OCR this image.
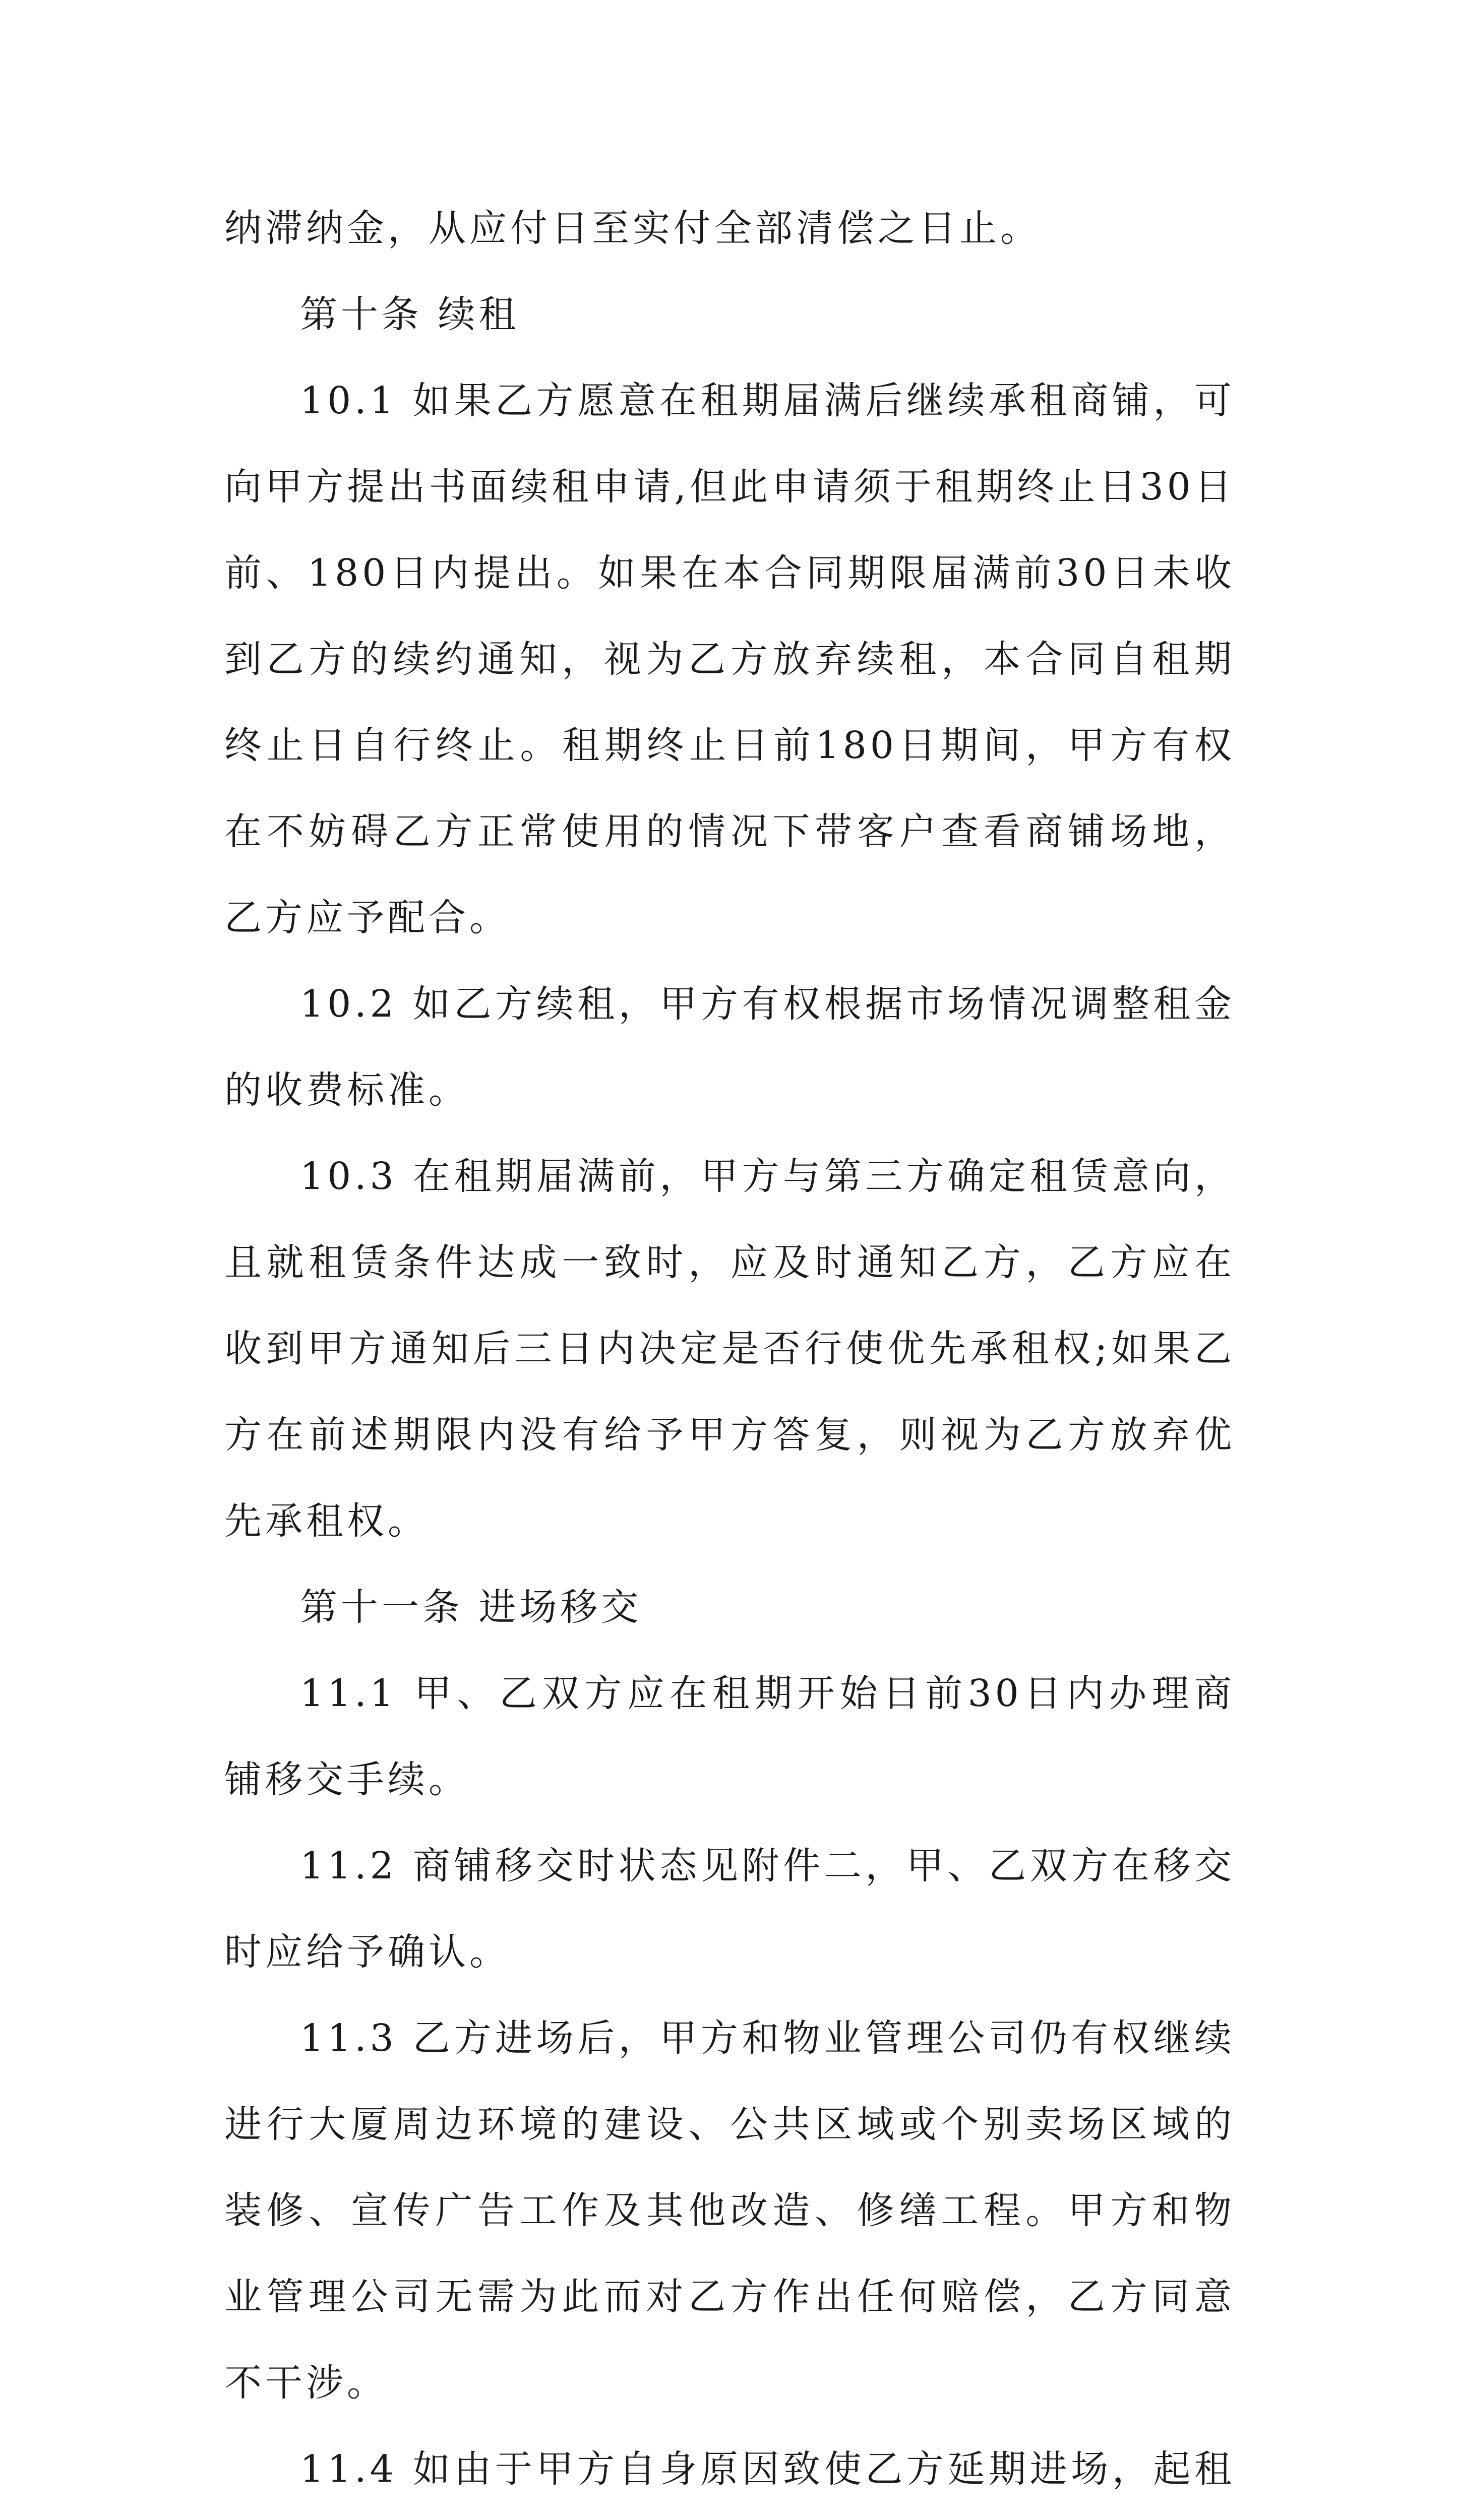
纳滞纳金，从应付日至实付全部清偿之日止。

第十条 续租

10.1 如果乙方愿意在租期届满后继续承租商铺，可向甲方提出书面续租申请,但此申请须于租期终止日30日前、180日内提出。如果在本合同期限届满前30日未收到乙方的续约通知，视为乙方放弃续租，本合同自租期终止日自行终止。租期终止日前180日期间，甲方有权在不妨碍乙方正常使用的情况下带客户查看商铺场地，乙方应予配合。

10.2 如乙方续租，甲方有权根据市场情况调整租金的收费标准。

10.3 在租期届满前，甲方与第三方确定租赁意向，且就租赁条件达成一致时，应及时通知乙方，乙方应在收到甲方通知后三日内决定是否行使优先承租权;如果乙方在前述期限内没有给予甲方答复，则视为乙方放弃优先承租权。

第十一条 进场移交

11.1 甲、乙双方应在租期开始日前30日内办理商铺移交手续。

11.2 商铺移交时状态见附件二，甲、乙双方在移交时应给予确认。

11.3 乙方进场后，甲方和物业管理公司仍有权继续进行大厦周边环境的建设、公共区域或个别卖场区域的装修、宣传广告工作及其他改造、修缮工程。甲方和物业管理公司无需为此而对乙方作出任何赔偿，乙方同意不干涉。

11.4 如由于甲方自身原因致使乙方延期进场，起租
